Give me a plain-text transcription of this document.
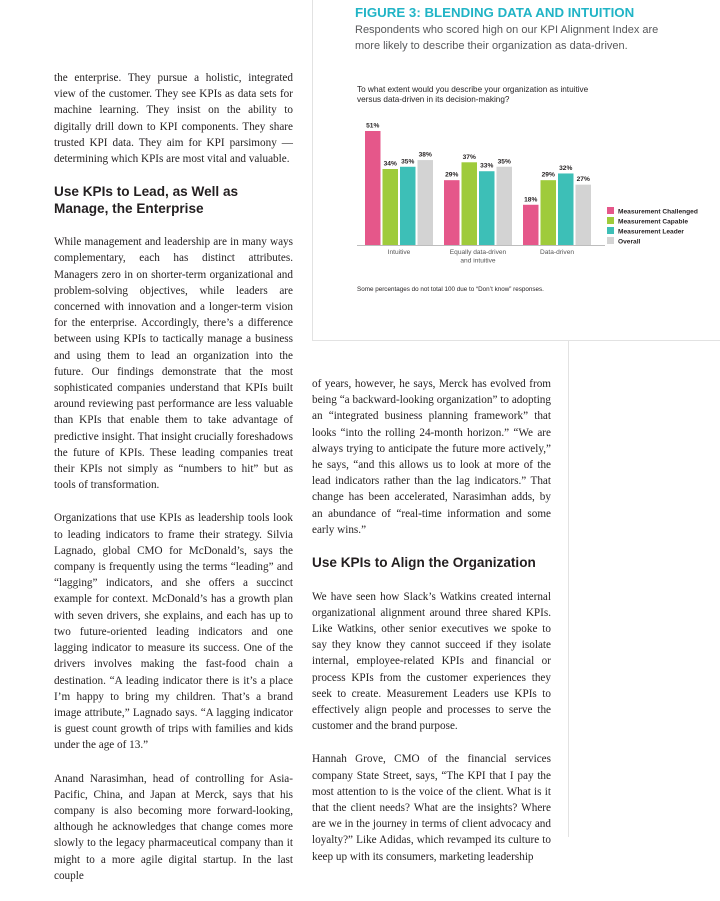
FIGURE 3: BLENDING DATA AND INTUITION
Respondents who scored high on our KPI Alignment Index are more likely to describe their organization as data-driven.
To what extent would you describe your organization as intuitive
versus data-driven in its decision-making?
51%
34% 35%
38%
Intuitive
29%
37%
33%
35%
Equally data-driven
and intuitive
18%
29%
32%
27%
Data-driven
Measurement Challenged
Measurement Capable
Measurement Leader
Overall
Some percentages do not total 100 due to “Don’t know” responses.

the enterprise. They pursue a holistic, integrated view of the customer. They see KPIs as data sets for machine learning. They insist on the ability to digitally drill down to KPI components. They share trusted KPI data. They aim for KPI parsimony — determining which KPIs are most vital and valuable.

Use KPIs to Lead, as Well as Manage, the Enterprise

While management and leadership are in many ways complementary, each has distinct attributes. Managers zero in on shorter-term organizational and problem-solving objectives, while leaders are concerned with innovation and a longer-term vision for the enterprise. Accordingly, there’s a difference between using KPIs to tactically manage a business and using them to lead an organization into the future. Our findings demonstrate that the most sophisticated companies understand that KPIs built around reviewing past performance are less valuable than KPIs that enable them to take advantage of predictive insight. That insight crucially foreshadows the future of KPIs. These leading companies treat their KPIs not simply as “numbers to hit” but as tools of transformation.

Organizations that use KPIs as leadership tools look to leading indicators to frame their strategy. Silvia Lagnado, global CMO for McDonald’s, says the company is frequently using the terms “leading” and “lagging” indicators, and she offers a succinct example for context. McDonald’s has a growth plan with seven drivers, she explains, and each has up to two future-oriented leading indicators and one lagging indicator to measure its success. One of the drivers involves making the fast-food chain a destination. “A leading indicator there is it’s a place I’m happy to bring my children. That’s a brand image attribute,” Lagnado says. “A lagging indicator is guest count growth of trips with families and kids under the age of 13.”

Anand Narasimhan, head of controlling for Asia-Pacific, China, and Japan at Merck, says that his company is also becoming more forward-looking, although he acknowledges that change comes more slowly to the legacy pharmaceutical company than it might to a more agile digital startup. In the last couple

of years, however, he says, Merck has evolved from being “a backward-looking organization” to adopting an “integrated business planning framework” that looks “into the rolling 24-month horizon.” “We are always trying to anticipate the future more actively,” he says, “and this allows us to look at more of the lead indicators rather than the lag indicators.” That change has been accelerated, Narasimhan adds, by an abundance of “real-time information and some early wins.”

Use KPIs to Align the Organization

We have seen how Slack’s Watkins created internal organizational alignment around three shared KPIs. Like Watkins, other senior executives we spoke to say they know they cannot succeed if they isolate internal, employee-related KPIs and financial or process KPIs from the customer experiences they seek to create. Measurement Leaders use KPIs to effectively align people and processes to serve the customer and the brand purpose.

Hannah Grove, CMO of the financial services company State Street, says, “The KPI that I pay the most attention to is the voice of the client. What is it that the client needs? What are the insights? Where are we in the journey in terms of client advocacy and loyalty?” Like Adidas, which revamped its culture to keep up with its consumers, marketing leadership
